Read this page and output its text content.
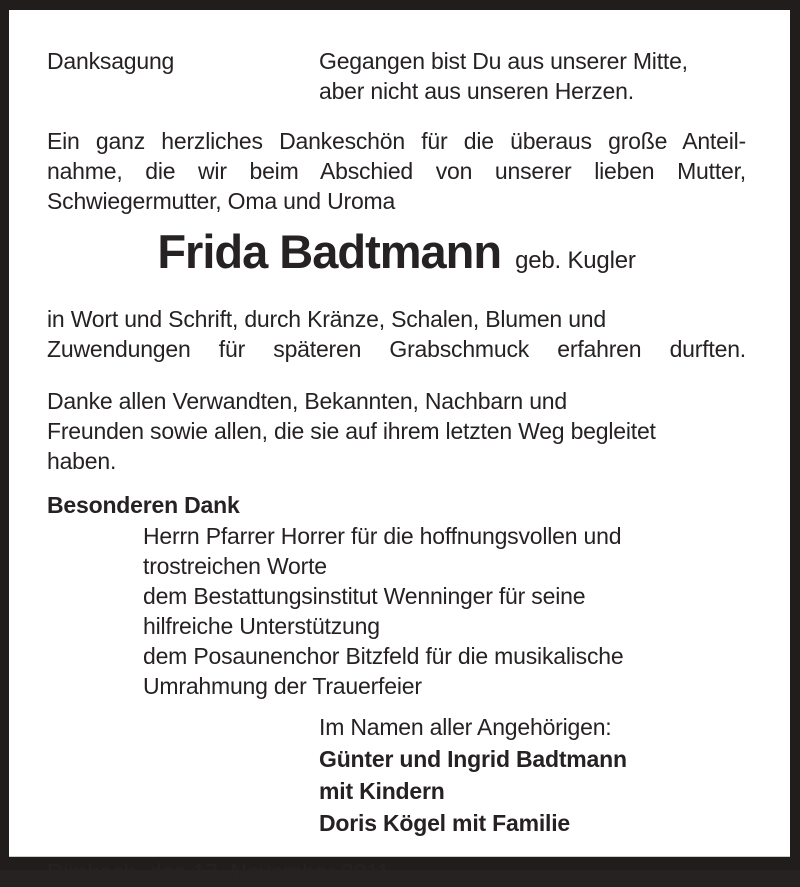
Danksagung	Gegangen bist Du aus unserer Mitte,
aber nicht aus unseren Herzen.
Ein ganz herzliches Dankeschön für die überaus große Anteil-
nahme, die wir beim Abschied von unserer lieben Mutter,
Schwiegermutter, Oma und Uroma
Frida Badtmann geb. Kugler
in Wort und Schrift, durch Kränze, Schalen, Blumen und
Zuwendungen für späteren Grabschmuck erfahren durften.
Danke allen Verwandten, Bekannten, Nachbarn und
Freunden sowie allen, die sie auf ihrem letzten Weg begleitet
haben.
Besonderen Dank
Herrn Pfarrer Horrer für die hoffnungsvollen und
trostreichen Worte
dem Bestattungsinstitut Wenninger für seine
hilfreiche Unterstützung
dem Posaunenchor Bitzfeld für die musikalische
Umrahmung der Trauerfeier
Im Namen aller Angehörigen:
Günter und Ingrid Badtmann
mit Kindern
Doris Kögel mit Familie
Dimbach, den 17. November 2011
